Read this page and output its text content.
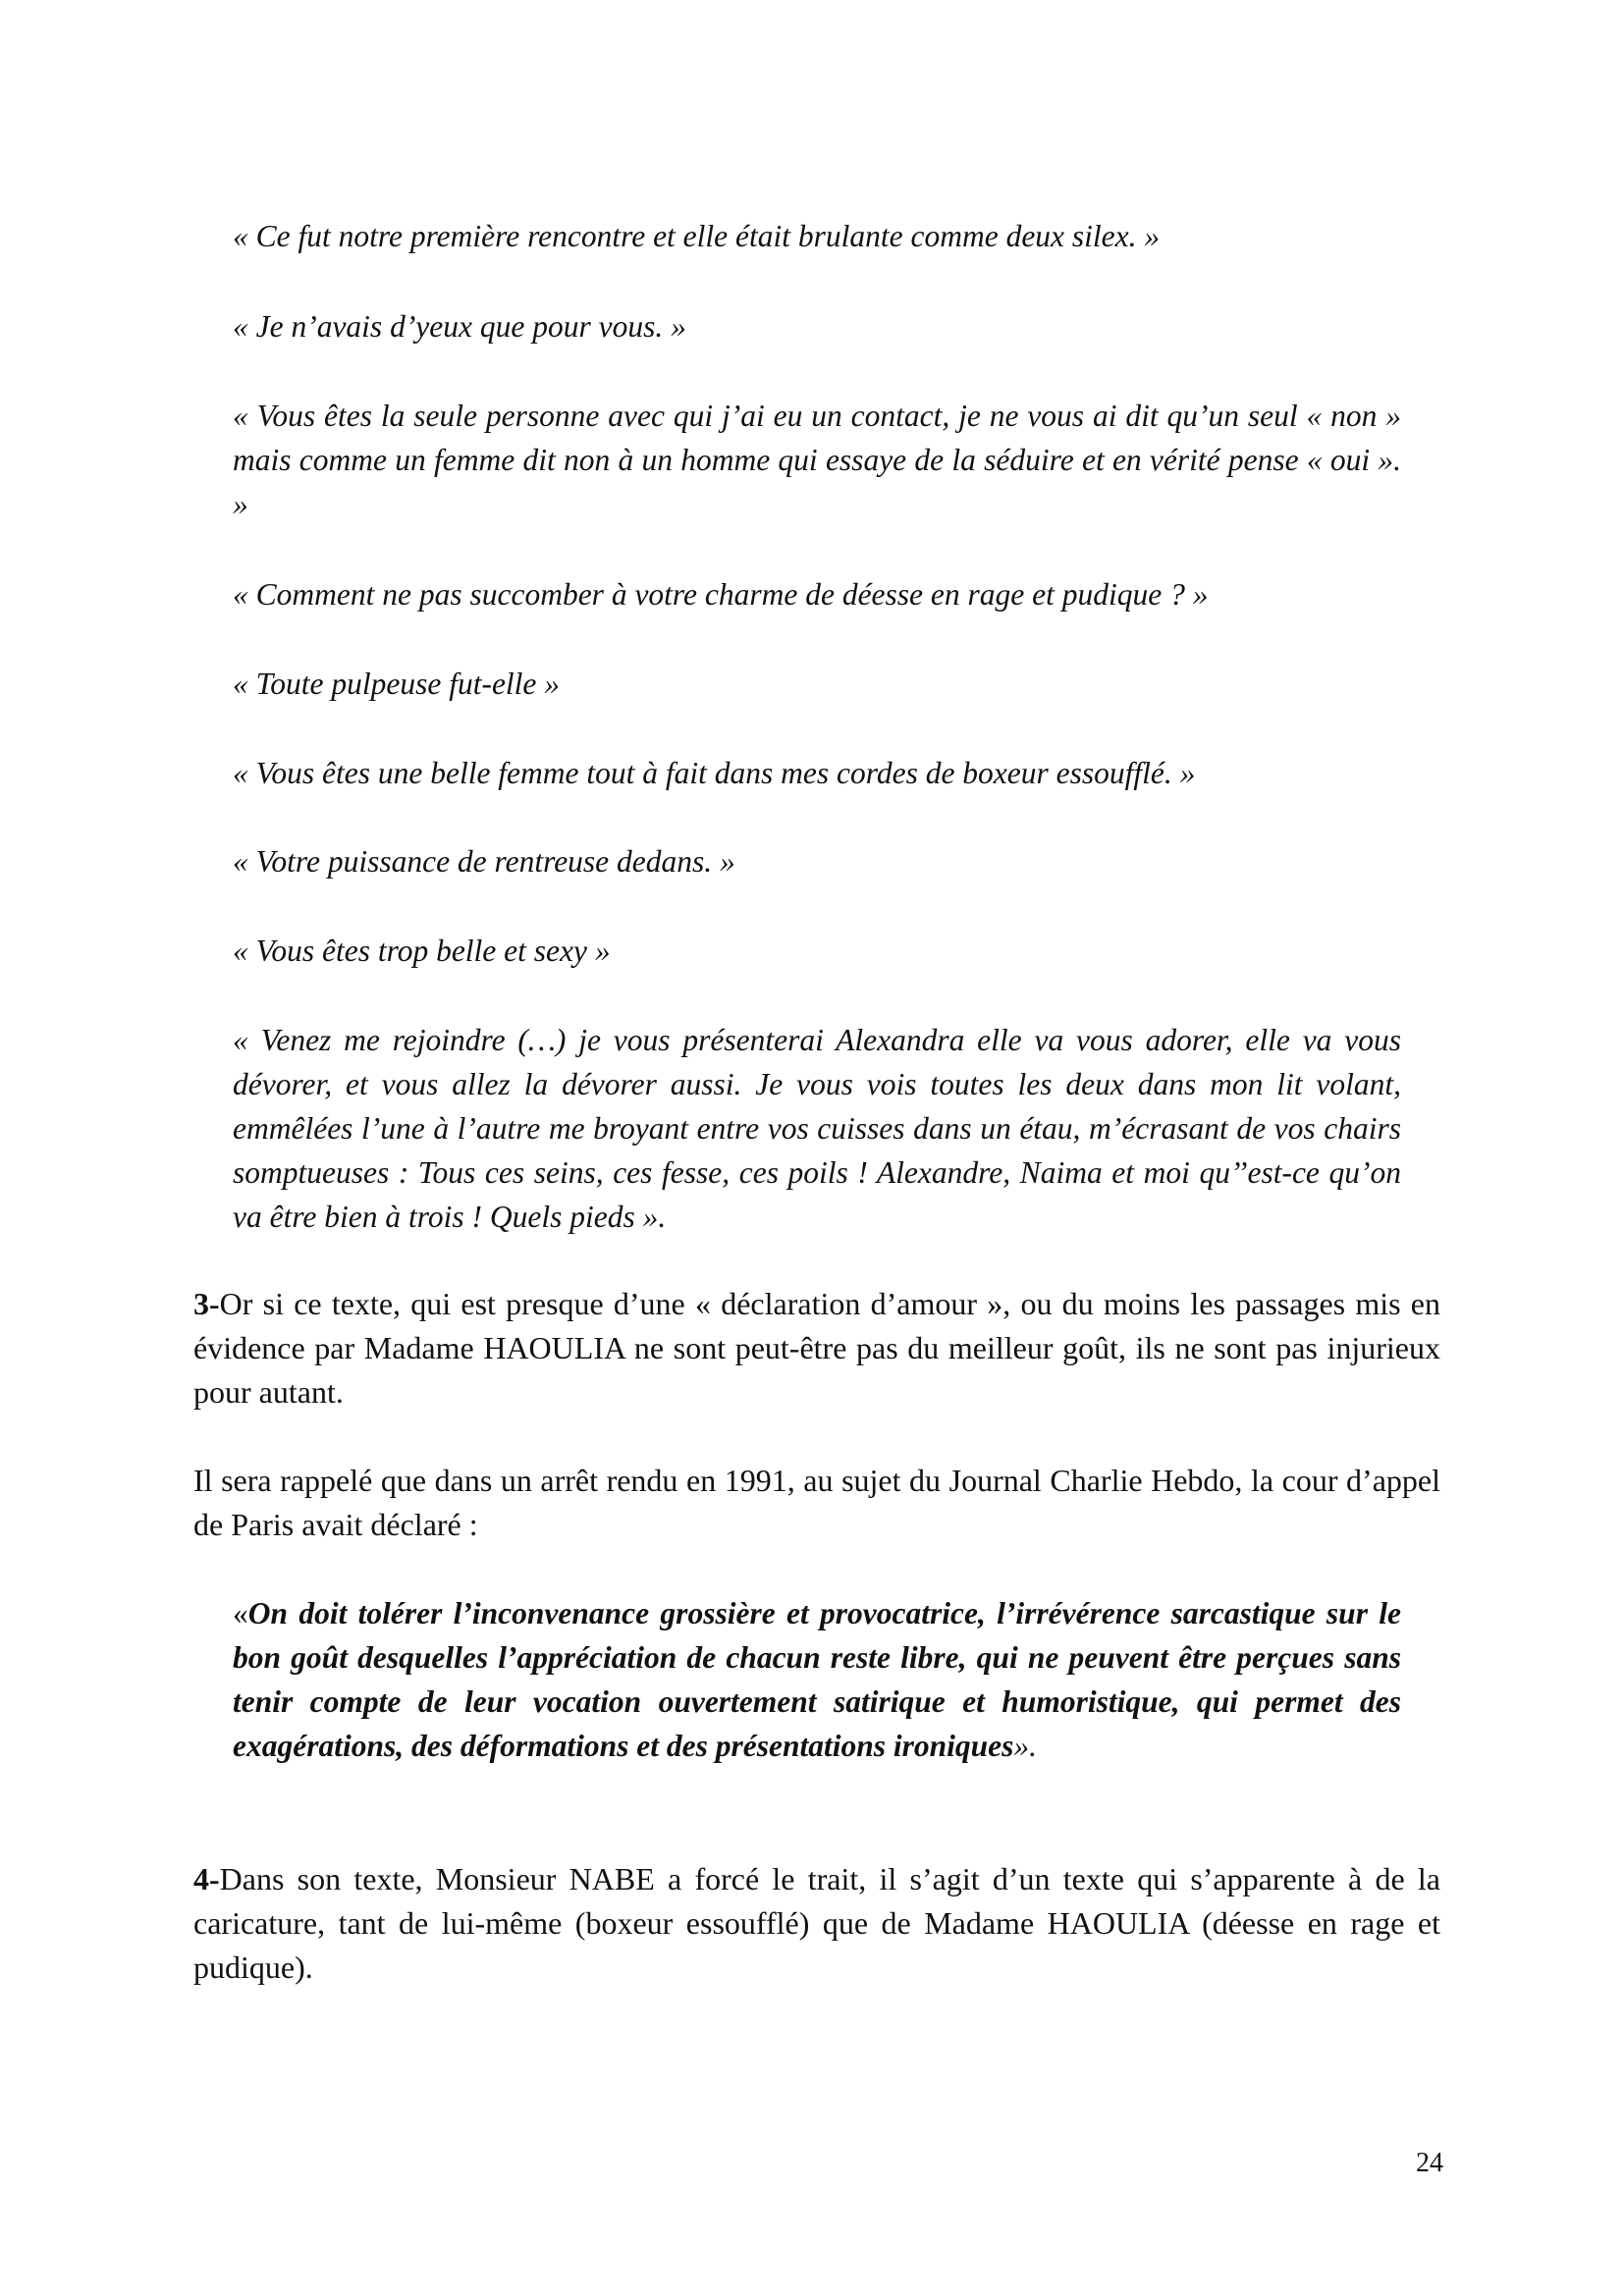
« Ce fut notre première rencontre et elle était brulante comme deux silex. »

« Je n’avais d’yeux que pour vous. »

« Vous êtes la seule personne avec qui j’ai eu un contact, je ne vous ai dit qu’un seul « non » mais comme un femme dit non à un homme qui essaye de la séduire et en vérité pense « oui ». »

« Comment ne pas succomber à votre charme de déesse en rage et pudique ? »

« Toute pulpeuse fut-elle »

« Vous êtes une belle femme tout à fait dans mes cordes de boxeur essoufflé. »

« Votre puissance de rentreuse dedans. »

« Vous êtes trop belle et sexy »

« Venez me rejoindre (…) je vous présenterai Alexandra elle va vous adorer, elle va vous dévorer, et vous allez la dévorer aussi. Je vous vois toutes les deux dans mon lit volant, emmêlées l’une à l’autre me broyant entre vos cuisses dans un étau, m’écrasant de vos chairs somptueuses : Tous ces seins, ces fesse, ces poils ! Alexandre, Naima et moi qu’’est-ce qu’on va être bien à trois ! Quels pieds ».

3-Or si ce texte, qui est presque d’une « déclaration d’amour », ou du moins les passages mis en évidence par Madame HAOULIA ne sont peut-être pas du meilleur goût, ils ne sont pas injurieux pour autant.

Il sera rappelé que dans un arrêt rendu en 1991, au sujet du Journal Charlie Hebdo, la cour d’appel de Paris avait déclaré :

«On doit tolérer l’inconvenance grossière et provocatrice, l’irrévérence sarcastique sur le bon goût desquelles l’appréciation de chacun reste libre, qui ne peuvent être perçues sans tenir compte de leur vocation ouvertement satirique et humoristique, qui permet des exagérations, des déformations et des présentations ironiques».

4-Dans son texte, Monsieur NABE a forcé le trait, il s’agit d’un texte qui s’apparente à de la caricature, tant de lui-même (boxeur essoufflé) que de Madame HAOULIA (déesse en rage et pudique).

24
